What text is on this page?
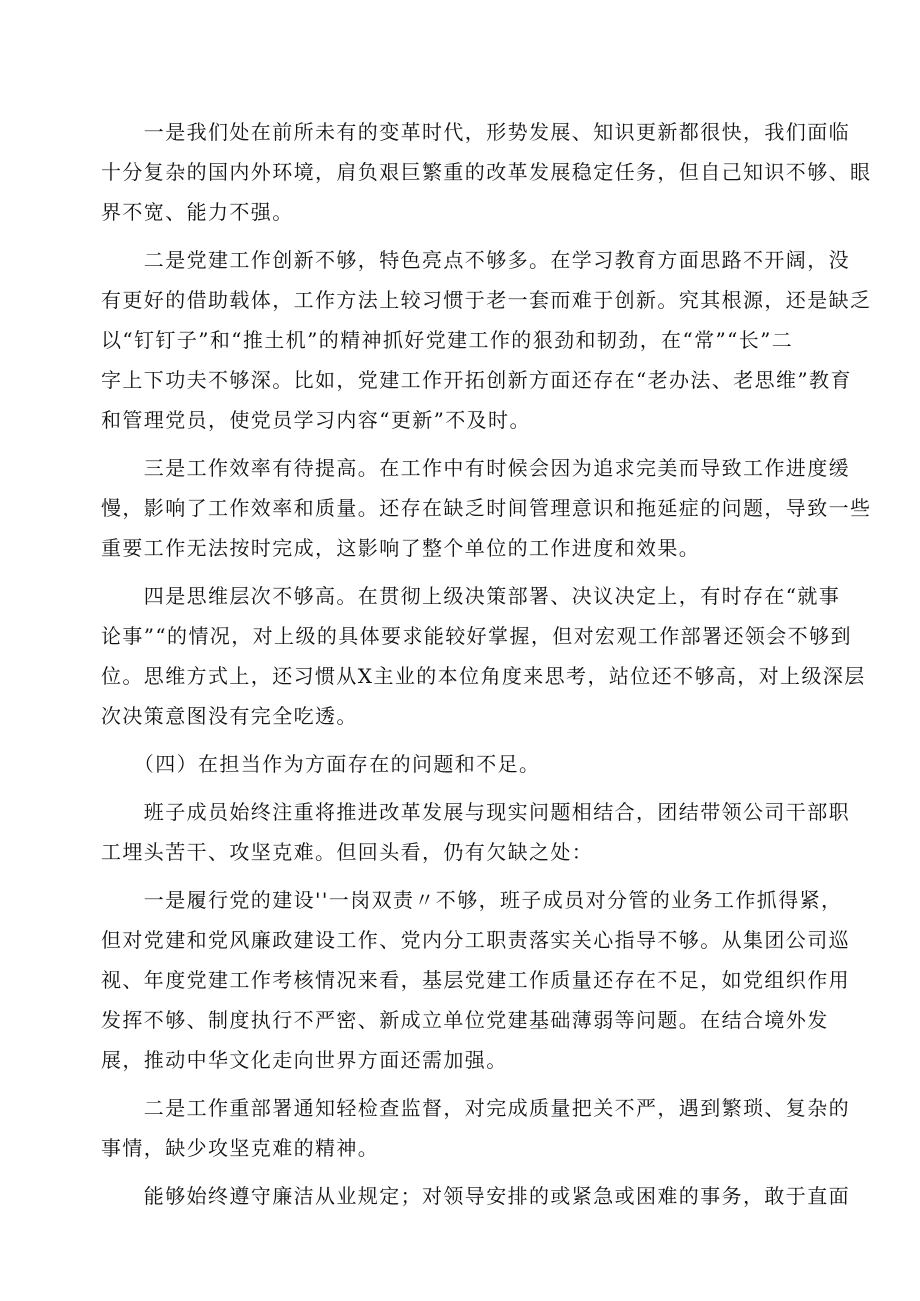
　　一是我们处在前所未有的变革时代，形势发展、知识更新都很快，我们面临
十分复杂的国内外环境，肩负艰巨繁重的改革发展稳定任务，但自己知识不够、眼
界不宽、能力不强。

　　二是党建工作创新不够，特色亮点不够多。在学习教育方面思路不开阔，没
有更好的借助载体，工作方法上较习惯于老一套而难于创新。究其根源，还是缺乏
以“钉钉子”和“推土机”的精神抓好党建工作的狠劲和韧劲，在“常”“长”二
字上下功夫不够深。比如，党建工作开拓创新方面还存在“老办法、老思维”教育
和管理党员，使党员学习内容“更新”不及时。

　　三是工作效率有待提高。在工作中有时候会因为追求完美而导致工作进度缓
慢，影响了工作效率和质量。还存在缺乏时间管理意识和拖延症的问题，导致一些
重要工作无法按时完成，这影响了整个单位的工作进度和效果。

　　四是思维层次不够高。在贯彻上级决策部署、决议决定上，有时存在“就事
论事”“的情况，对上级的具体要求能较好掌握，但对宏观工作部署还领会不够到
位。思维方式上，还习惯从X主业的本位角度来思考，站位还不够高，对上级深层
次决策意图没有完全吃透。

　　（四）在担当作为方面存在的问题和不足。

　　班子成员始终注重将推进改革发展与现实问题相结合，团结带领公司干部职
工埋头苦干、攻坚克难。但回头看，仍有欠缺之处：

　　一是履行党的建设''一岗双责〃不够，班子成员对分管的业务工作抓得紧，
但对党建和党风廉政建设工作、党内分工职责落实关心指导不够。从集团公司巡
视、年度党建工作考核情况来看，基层党建工作质量还存在不足，如党组织作用
发挥不够、制度执行不严密、新成立单位党建基础薄弱等问题。在结合境外发
展，推动中华文化走向世界方面还需加强。

　　二是工作重部署通知轻检查监督，对完成质量把关不严，遇到繁琐、复杂的
事情，缺少攻坚克难的精神。

　　能够始终遵守廉洁从业规定；对领导安排的或紧急或困难的事务，敢于直面
